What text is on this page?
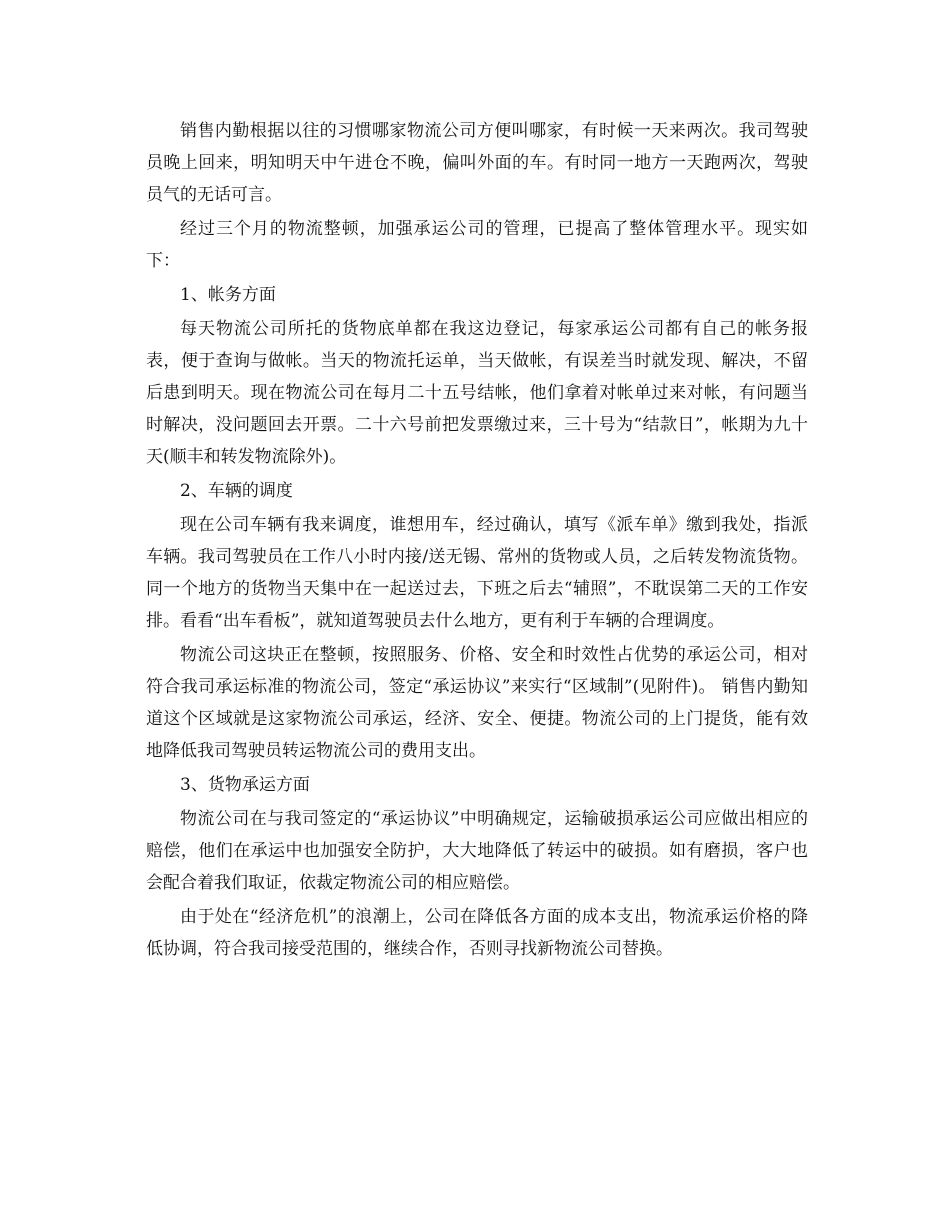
销售内勤根据以往的习惯哪家物流公司方便叫哪家，有时候一天来两次。我司驾驶员晚上回来，明知明天中午进仓不晚，偏叫外面的车。有时同一地方一天跑两次，驾驶员气的无话可言。

经过三个月的物流整顿，加强承运公司的管理，已提高了整体管理水平。现实如下：

1、帐务方面

每天物流公司所托的货物底单都在我这边登记，每家承运公司都有自己的帐务报表，便于查询与做帐。当天的物流托运单，当天做帐，有误差当时就发现、解决，不留后患到明天。现在物流公司在每月二十五号结帐，他们拿着对帐单过来对帐，有问题当时解决，没问题回去开票。二十六号前把发票缴过来，三十号为“结款日”，帐期为九十天(顺丰和转发物流除外)。

2、车辆的调度

现在公司车辆有我来调度，谁想用车，经过确认，填写《派车单》缴到我处，指派车辆。我司驾驶员在工作八小时内接/送无锡、常州的货物或人员，之后转发物流货物。同一个地方的货物当天集中在一起送过去，下班之后去“辅照”，不耽误第二天的工作安排。看看“出车看板”，就知道驾驶员去什么地方，更有利于车辆的合理调度。

物流公司这块正在整顿，按照服务、价格、安全和时效性占优势的承运公司，相对符合我司承运标准的物流公司，签定“承运协议”来实行“区域制”(见附件)。 销售内勤知道这个区域就是这家物流公司承运，经济、安全、便捷。物流公司的上门提货，能有效地降低我司驾驶员转运物流公司的费用支出。

3、货物承运方面

物流公司在与我司签定的“承运协议”中明确规定，运输破损承运公司应做出相应的赔偿，他们在承运中也加强安全防护，大大地降低了转运中的破损。如有磨损，客户也会配合着我们取证，依裁定物流公司的相应赔偿。

由于处在“经济危机”的浪潮上，公司在降低各方面的成本支出，物流承运价格的降低协调，符合我司接受范围的，继续合作，否则寻找新物流公司替换。
